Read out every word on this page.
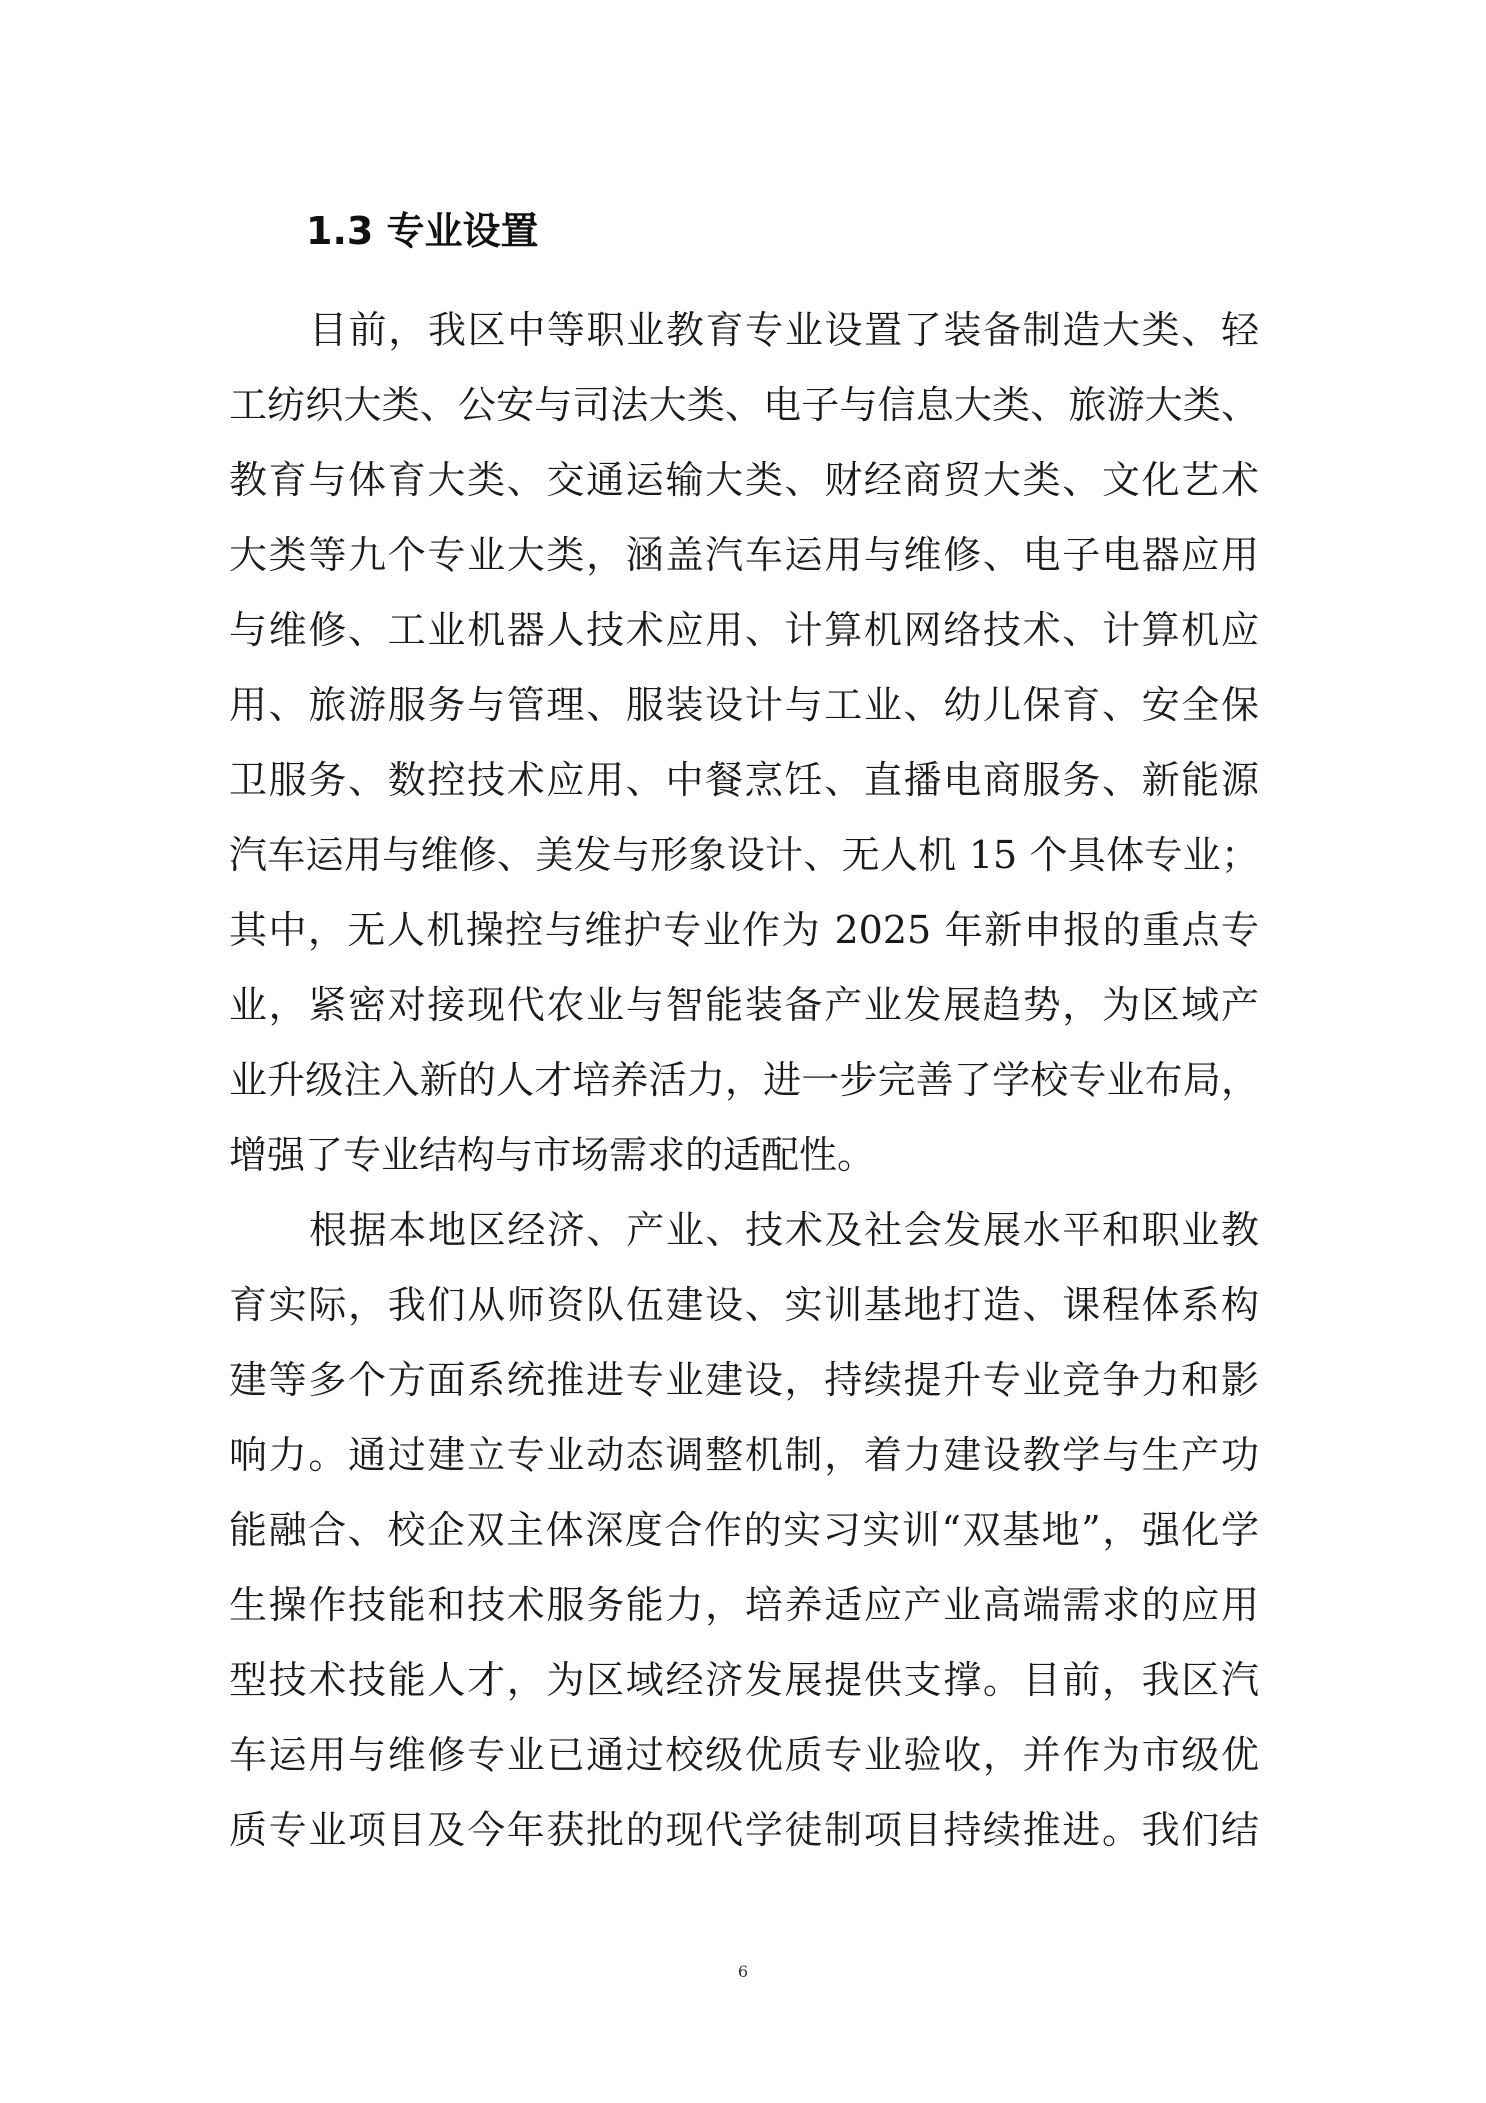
1.3 专业设置
目前，我区中等职业教育专业设置了装备制造大类、轻
工纺织大类、公安与司法大类、电子与信息大类、旅游大类、
教育与体育大类、交通运输大类、财经商贸大类、文化艺术
大类等九个专业大类，涵盖汽车运用与维修、电子电器应用
与维修、工业机器人技术应用、计算机网络技术、计算机应
用、旅游服务与管理、服装设计与工业、幼儿保育、安全保
卫服务、数控技术应用、中餐烹饪、直播电商服务、新能源
汽车运用与维修、美发与形象设计、无人机 15 个具体专业；
其中，无人机操控与维护专业作为 2025 年新申报的重点专
业，紧密对接现代农业与智能装备产业发展趋势，为区域产
业升级注入新的人才培养活力，进一步完善了学校专业布局，
增强了专业结构与市场需求的适配性。
根据本地区经济、产业、技术及社会发展水平和职业教
育实际，我们从师资队伍建设、实训基地打造、课程体系构
建等多个方面系统推进专业建设，持续提升专业竞争力和影
响力。通过建立专业动态调整机制，着力建设教学与生产功
能融合、校企双主体深度合作的实习实训“双基地”，强化学
生操作技能和技术服务能力，培养适应产业高端需求的应用
型技术技能人才，为区域经济发展提供支撑。目前，我区汽
车运用与维修专业已通过校级优质专业验收，并作为市级优
质专业项目及今年获批的现代学徒制项目持续推进。我们结
6
